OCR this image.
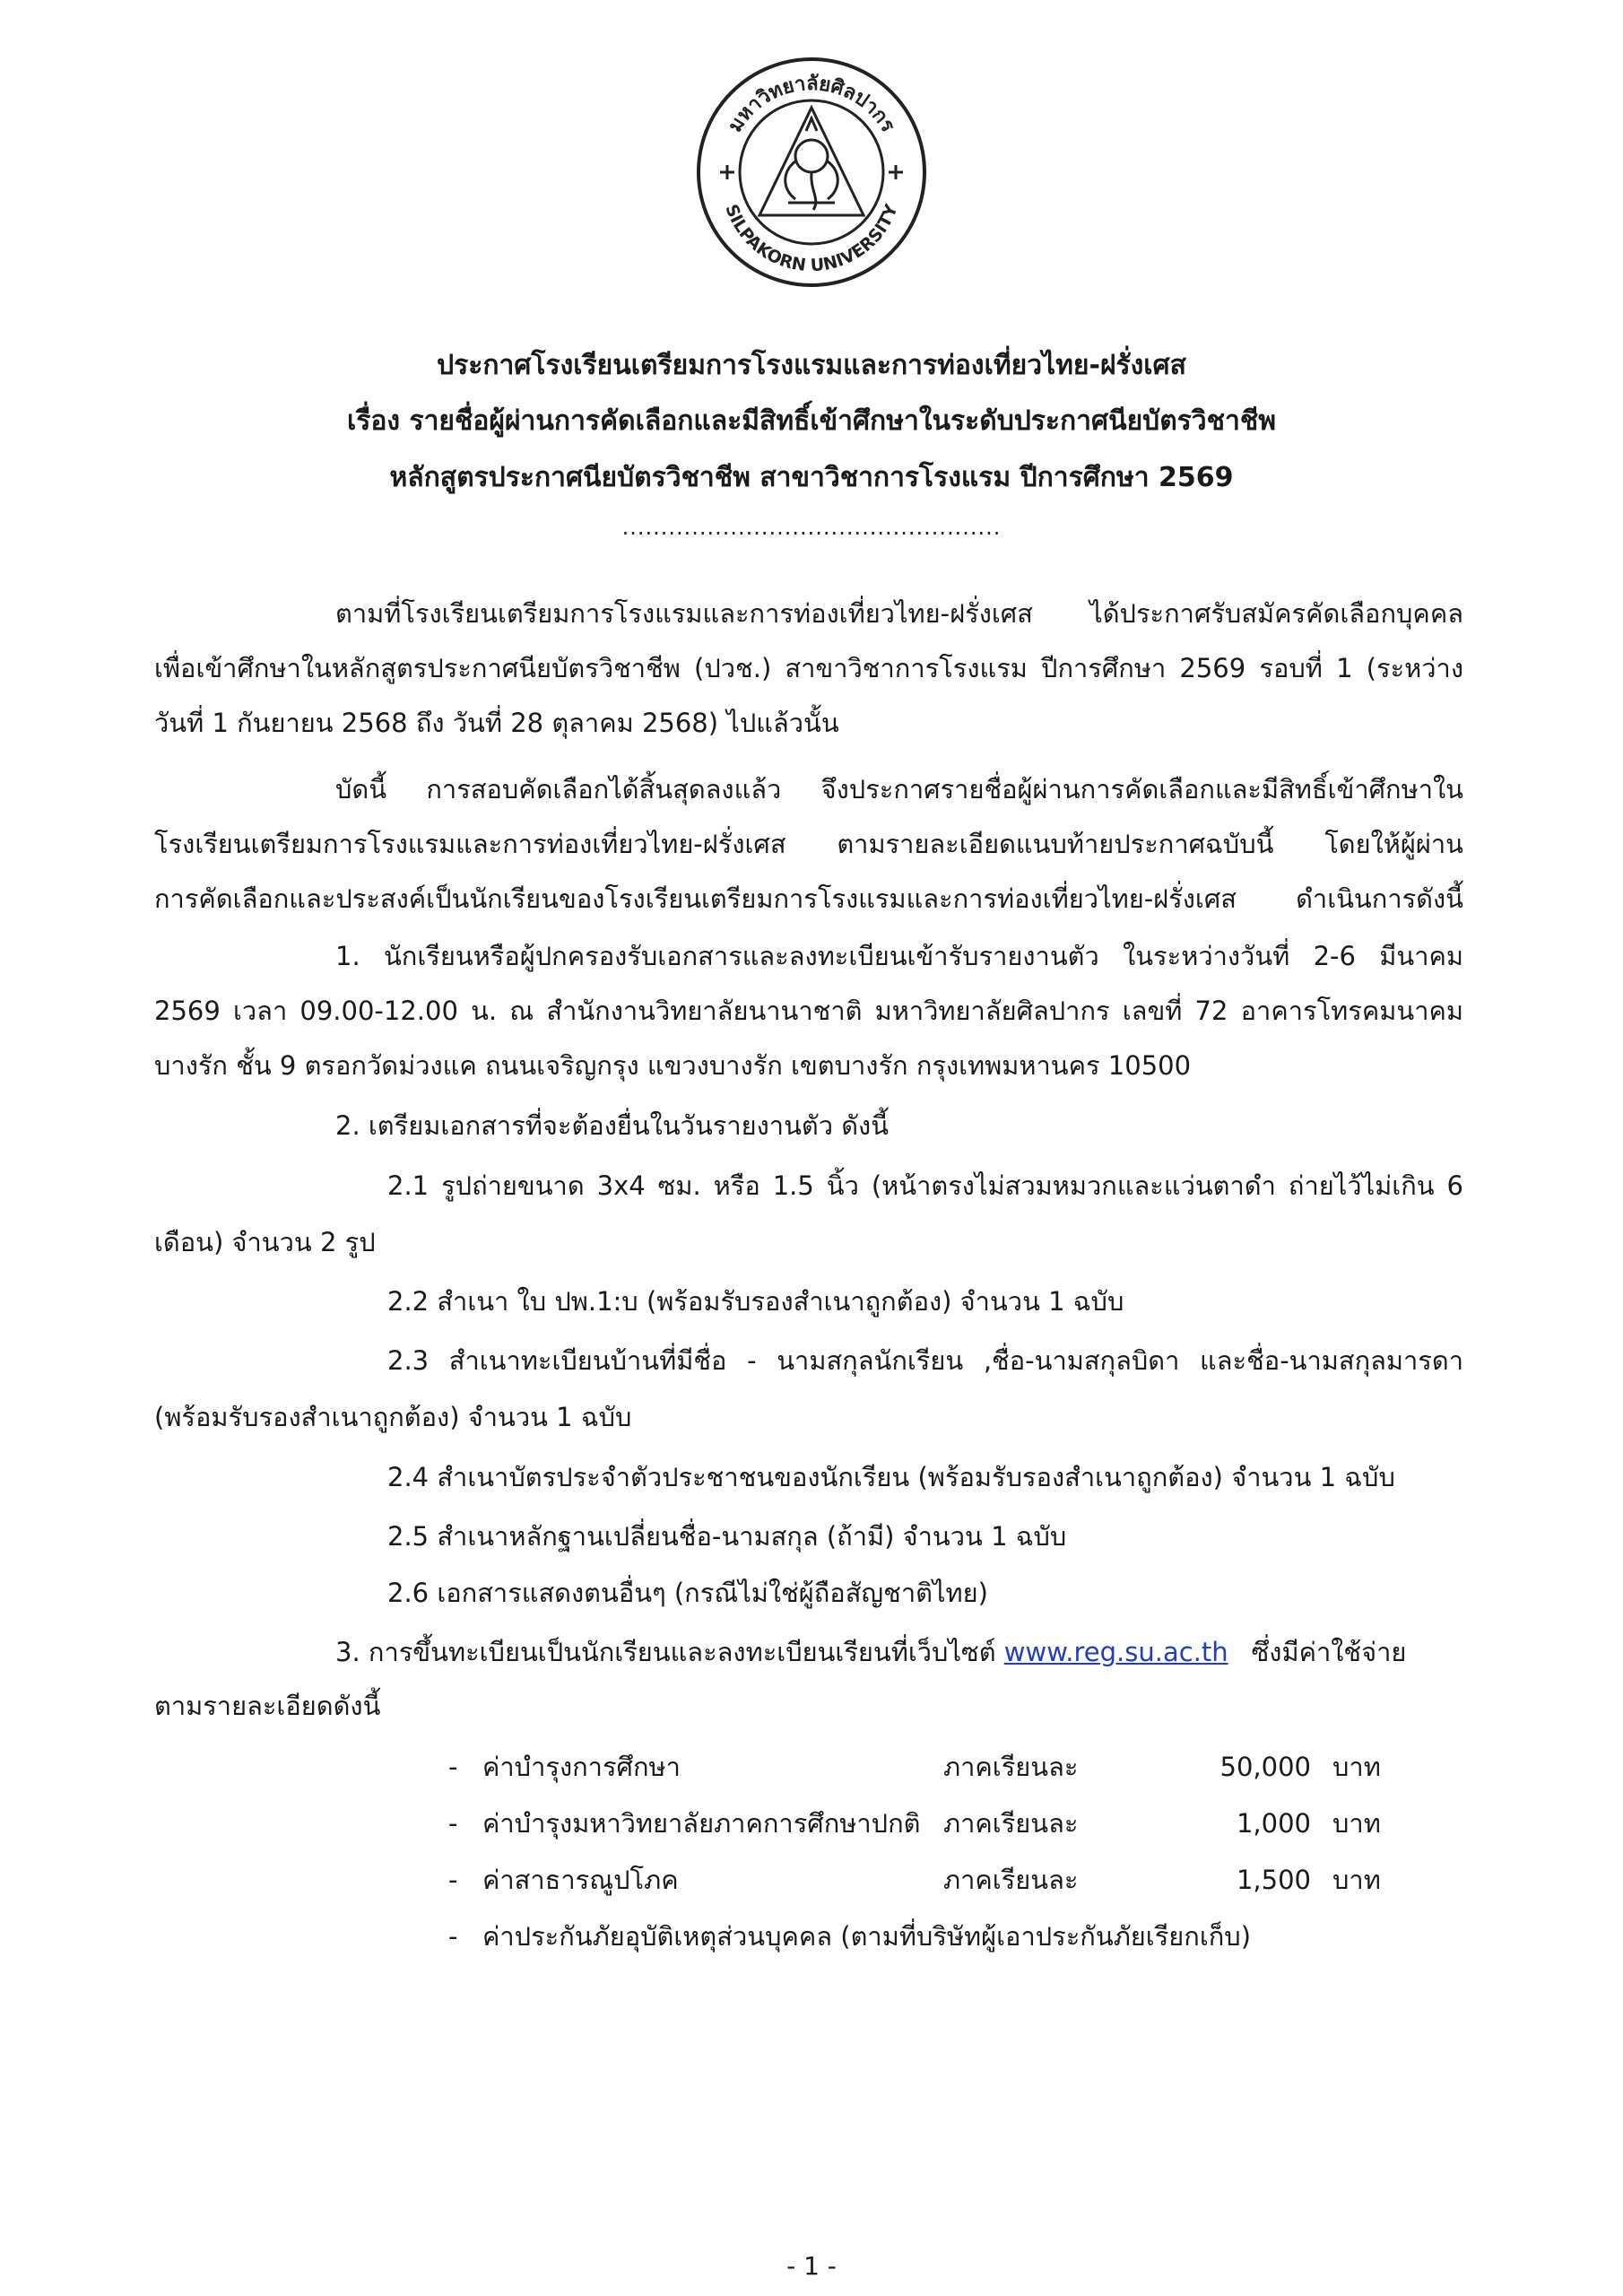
มหาวิทยาลัยศิลปากร
SILPAKORN UNIVERSITY
ประกาศโรงเรียนเตรียมการโรงแรมและการท่องเที่ยวไทย-ฝรั่งเศส
เรื่อง รายชื่อผู้ผ่านการคัดเลือกและมีสิทธิ์เข้าศึกษาในระดับประกาศนียบัตรวิชาชีพ
หลักสูตรประกาศนียบัตรวิชาชีพ สาขาวิชาการโรงแรม ปีการศึกษา 2569
.................................................
ตามที่โรงเรียนเตรียมการโรงแรมและการท่องเที่ยวไทย-ฝรั่งเศส ได้ประกาศรับสมัครคัดเลือกบุคคล
เพื่อเข้าศึกษาในหลักสูตรประกาศนียบัตรวิชาชีพ (ปวช.) สาขาวิชาการโรงแรม ปีการศึกษา 2569 รอบที่ 1 (ระหว่าง
วันที่ 1 กันยายน 2568 ถึง วันที่ 28 ตุลาคม 2568) ไปแล้วนั้น
บัดนี้ การสอบคัดเลือกได้สิ้นสุดลงแล้ว จึงประกาศรายชื่อผู้ผ่านการคัดเลือกและมีสิทธิ์เข้าศึกษาใน
โรงเรียนเตรียมการโรงแรมและการท่องเที่ยวไทย-ฝรั่งเศส ตามรายละเอียดแนบท้ายประกาศฉบับนี้ โดยให้ผู้ผ่าน
การคัดเลือกและประสงค์เป็นนักเรียนของโรงเรียนเตรียมการโรงแรมและการท่องเที่ยวไทย-ฝรั่งเศส ดำเนินการดังนี้
1. นักเรียนหรือผู้ปกครองรับเอกสารและลงทะเบียนเข้ารับรายงานตัว ในระหว่างวันที่ 2-6 มีนาคม
2569 เวลา 09.00-12.00 น. ณ สำนักงานวิทยาลัยนานาชาติ มหาวิทยาลัยศิลปากร เลขที่ 72 อาคารโทรคมนาคม
บางรัก ชั้น 9 ตรอกวัดม่วงแค ถนนเจริญกรุง แขวงบางรัก เขตบางรัก กรุงเทพมหานคร 10500
2. เตรียมเอกสารที่จะต้องยื่นในวันรายงานตัว ดังนี้
2.1 รูปถ่ายขนาด 3x4 ซม. หรือ 1.5 นิ้ว (หน้าตรงไม่สวมหมวกและแว่นตาดำ ถ่ายไว้ไม่เกิน 6
เดือน) จำนวน 2 รูป
2.2 สำเนา ใบ ปพ.1:บ (พร้อมรับรองสำเนาถูกต้อง) จำนวน 1 ฉบับ
2.3 สำเนาทะเบียนบ้านที่มีชื่อ - นามสกุลนักเรียน ,ชื่อ-นามสกุลบิดา และชื่อ-นามสกุลมารดา
(พร้อมรับรองสำเนาถูกต้อง) จำนวน 1 ฉบับ
2.4 สำเนาบัตรประจำตัวประชาชนของนักเรียน (พร้อมรับรองสำเนาถูกต้อง) จำนวน 1 ฉบับ
2.5 สำเนาหลักฐานเปลี่ยนชื่อ-นามสกุล (ถ้ามี) จำนวน 1 ฉบับ
2.6 เอกสารแสดงตนอื่นๆ (กรณีไม่ใช่ผู้ถือสัญชาติไทย)
3. การขึ้นทะเบียนเป็นนักเรียนและลงทะเบียนเรียนที่เว็บไซต์ www.reg.su.ac.th ซึ่งมีค่าใช้จ่าย
ตามรายละเอียดดังนี้
- ค่าบำรุงการศึกษา	ภาคเรียนละ	50,000 บาท
- ค่าบำรุงมหาวิทยาลัยภาคการศึกษาปกติ ภาคเรียนละ	1,000 บาท
- ค่าสาธารณูปโภค	ภาคเรียนละ	1,500 บาท
- ค่าประกันภัยอุบัติเหตุส่วนบุคคล (ตามที่บริษัทผู้เอาประกันภัยเรียกเก็บ)
- 1 -
